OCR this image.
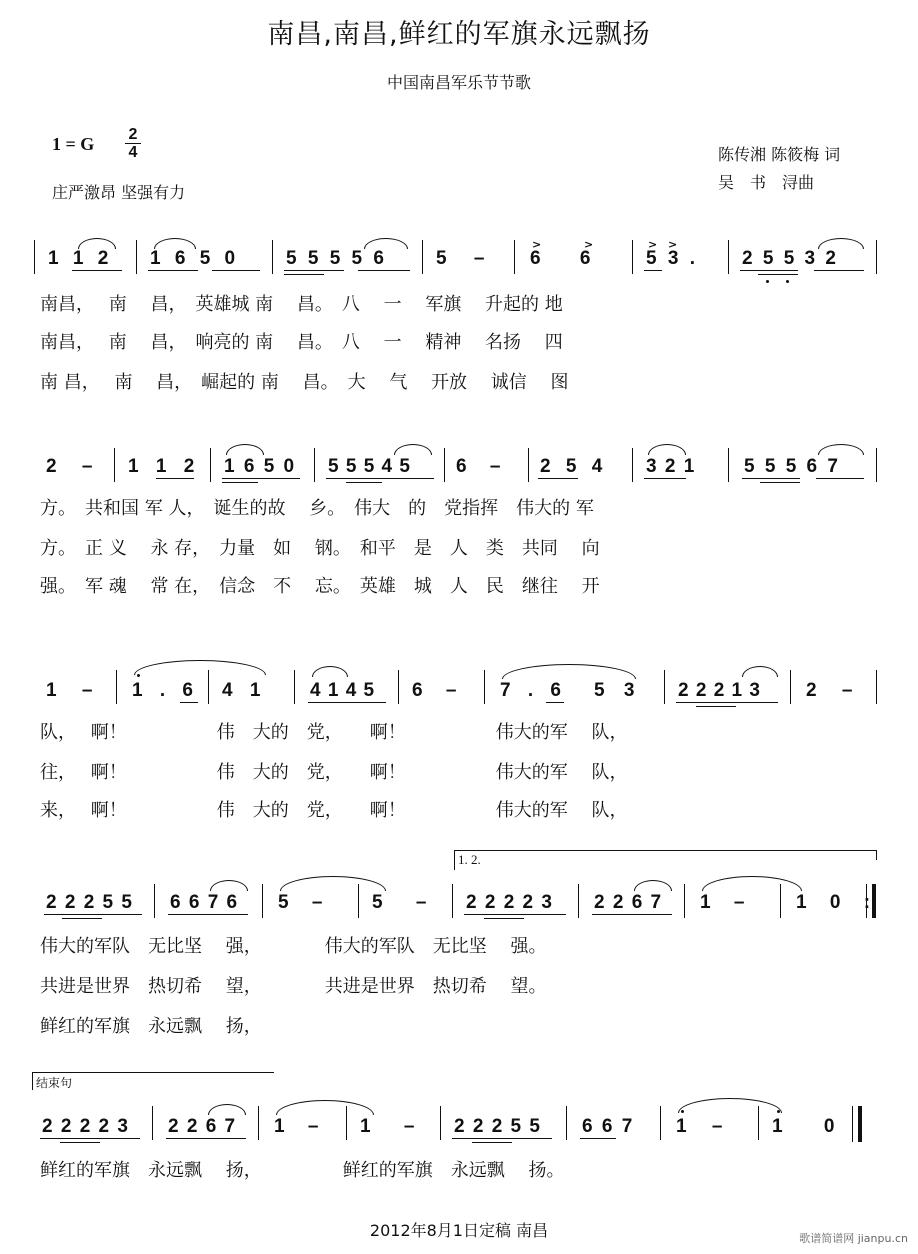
南昌,南昌,鲜红的军旗永远飘扬
中国南昌军乐节节歌
1 = G 2
4
庄严激昂 坚强有力
陈传湘 陈筱梅 词
吴　书　浔曲
1 1 2 1 6 5 0	5 5 5 5 6	5 –
>	>
6 6
> >
5 3 . 2 5 5 3 2
南昌，　 南　 昌，　英雄城 南　 昌。　八　 一　 军旗　 升起的 地
南昌，　 南　 昌，　响亮的 南　 昌。　八　 一　 精神　 名扬　 四
南 昌，　 南　 昌，　崛起的 南　 昌。　大　 气　 开放　 诚信　 图
2 – 1 1 2 1 6 5 0 5 5 5 4 5 6 – 2 5 4 3 2 1	5 5 5 6 7
方。　共和国 军 人，　诞生的故　 乡。　伟大　的　党指挥　伟大的 军
方。　正 义　 永 存，　力量　如　 钢。　和平　是　人　类　共同　 向
强。　军 魂　 常 在，　信念　不　 忘。　英雄　城　人　民　继往　 开
1 – 1 . 6 4 1	4 1 4 5 6 – 7 . 6 5 3 2 2 2 1 3 2 –
队，　 啊！　　　　　伟　大的　党，　　啊！　　　　　伟大的军　 队，
往，　 啊！　　　　　伟　大的　党，　　啊！　　　　　伟大的军　 队，
来，　 啊！　　　　　伟　大的　党，　　啊！　　　　　伟大的军　 队，
1. 2.
2 2 2 5 5 6 6 7 6 5 –	5 – 2 2 2 2 3 2 2 6 7 1 –	1 0 :
伟大的军队　无比坚　 强，　　　　伟大的军队　无比坚　 强。
共进是世界　热切希　 望，　　　　共进是世界　热切希　 望。
鲜红的军旗　永远飘　 扬，
结束句
2 2 2 2 3 2 2 6 7 1 – 1 – 2 2 2 5 5 6 6 7 1 –	1 0
鲜红的军旗　永远飘　 扬，　　　　　鲜红的军旗　永远飘　 扬。
2012年8月1日定稿 南昌	歌谱简谱网 jianpu.cn
